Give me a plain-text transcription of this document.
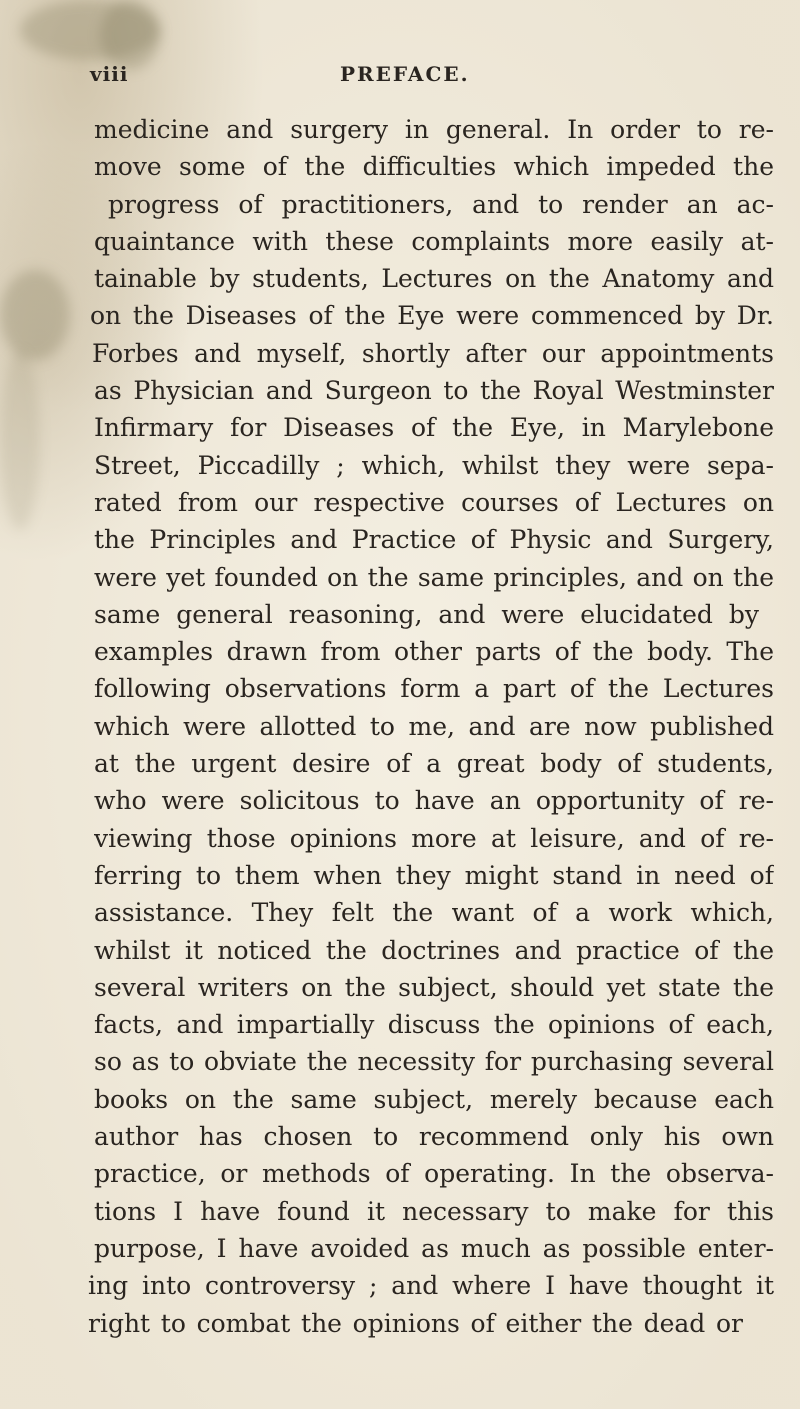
viii	PREFACE.
medicine and surgery in general. In order to re-
move some of the difficulties which impeded the
progress of practitioners, and to render an ac-
quaintance with these complaints more easily at-
tainable by students, Lectures on the Anatomy and
on the Diseases of the Eye were commenced by Dr.
Forbes and myself, shortly after our appointments
as Physician and Surgeon to the Royal Westminster
Infirmary for Diseases of the Eye, in Marylebone
Street, Piccadilly ; which, whilst they were sepa-
rated from our respective courses of Lectures on
the Principles and Practice of Physic and Surgery,
were yet founded on the same principles, and on the
same general reasoning, and were elucidated by
examples drawn from other parts of the body. The
following observations form a part of the Lectures
which were allotted to me, and are now published
at the urgent desire of a great body of students,
who were solicitous to have an opportunity of re-
viewing those opinions more at leisure, and of re-
ferring to them when they might stand in need of
assistance. They felt the want of a work which,
whilst it noticed the doctrines and practice of the
several writers on the subject, should yet state the
facts, and impartially discuss the opinions of each,
so as to obviate the necessity for purchasing several
books on the same subject, merely because each
author has chosen to recommend only his own
practice, or methods of operating. In the observa-
tions I have found it necessary to make for this
purpose, I have avoided as much as possible enter-
ing into controversy ; and where I have thought it
right to combat the opinions of either the dead or
